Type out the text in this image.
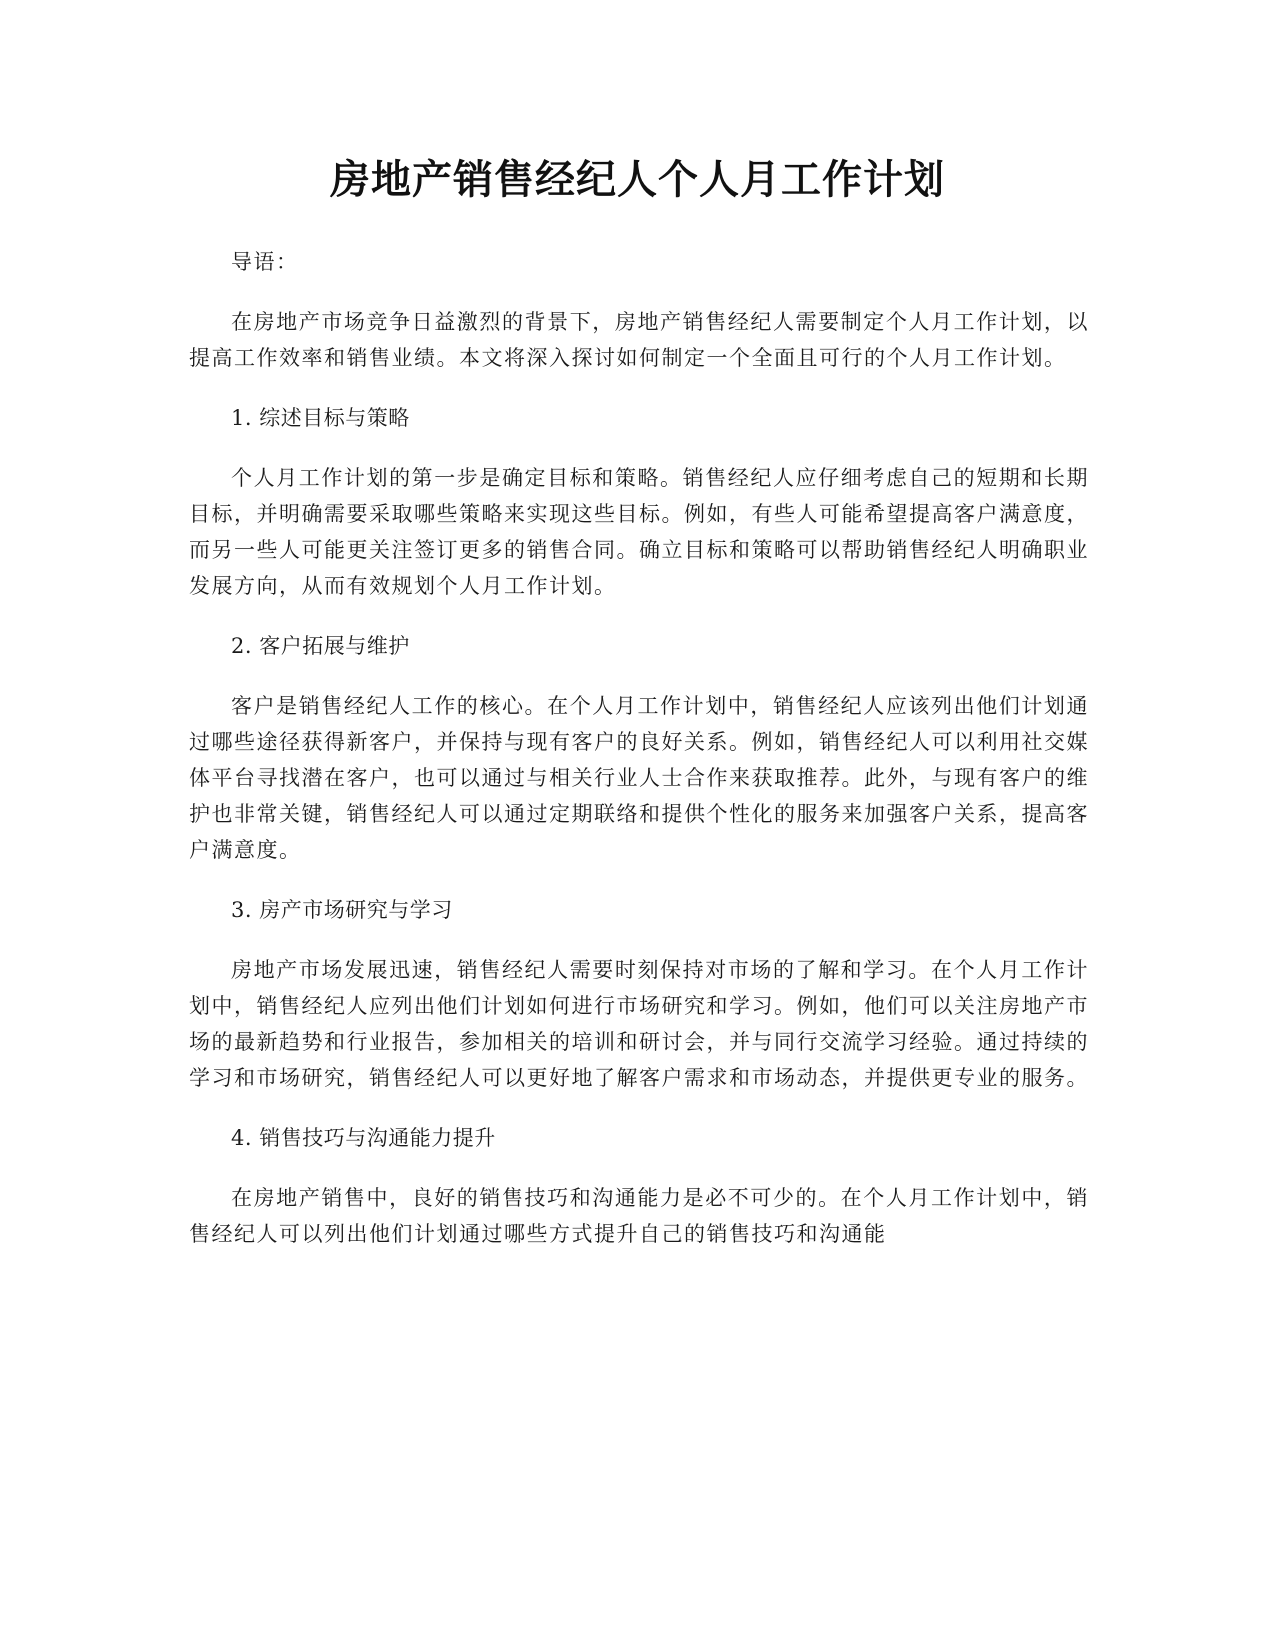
房地产销售经纪人个人月工作计划

导语：

在房地产市场竞争日益激烈的背景下，房地产销售经纪人需要制定个人月工作计划，以提高工作效率和销售业绩。本文将深入探讨如何制定一个全面且可行的个人月工作计划。

1. 综述目标与策略

个人月工作计划的第一步是确定目标和策略。销售经纪人应仔细考虑自己的短期和长期目标，并明确需要采取哪些策略来实现这些目标。例如，有些人可能希望提高客户满意度，而另一些人可能更关注签订更多的销售合同。确立目标和策略可以帮助销售经纪人明确职业发展方向，从而有效规划个人月工作计划。

2. 客户拓展与维护

客户是销售经纪人工作的核心。在个人月工作计划中，销售经纪人应该列出他们计划通过哪些途径获得新客户，并保持与现有客户的良好关系。例如，销售经纪人可以利用社交媒体平台寻找潜在客户，也可以通过与相关行业人士合作来获取推荐。此外，与现有客户的维护也非常关键，销售经纪人可以通过定期联络和提供个性化的服务来加强客户关系，提高客户满意度。

3. 房产市场研究与学习

房地产市场发展迅速，销售经纪人需要时刻保持对市场的了解和学习。在个人月工作计划中，销售经纪人应列出他们计划如何进行市场研究和学习。例如，他们可以关注房地产市场的最新趋势和行业报告，参加相关的培训和研讨会，并与同行交流学习经验。通过持续的学习和市场研究，销售经纪人可以更好地了解客户需求和市场动态，并提供更专业的服务。

4. 销售技巧与沟通能力提升

在房地产销售中，良好的销售技巧和沟通能力是必不可少的。在个人月工作计划中，销售经纪人可以列出他们计划通过哪些方式提升自己的销售技巧和沟通能
